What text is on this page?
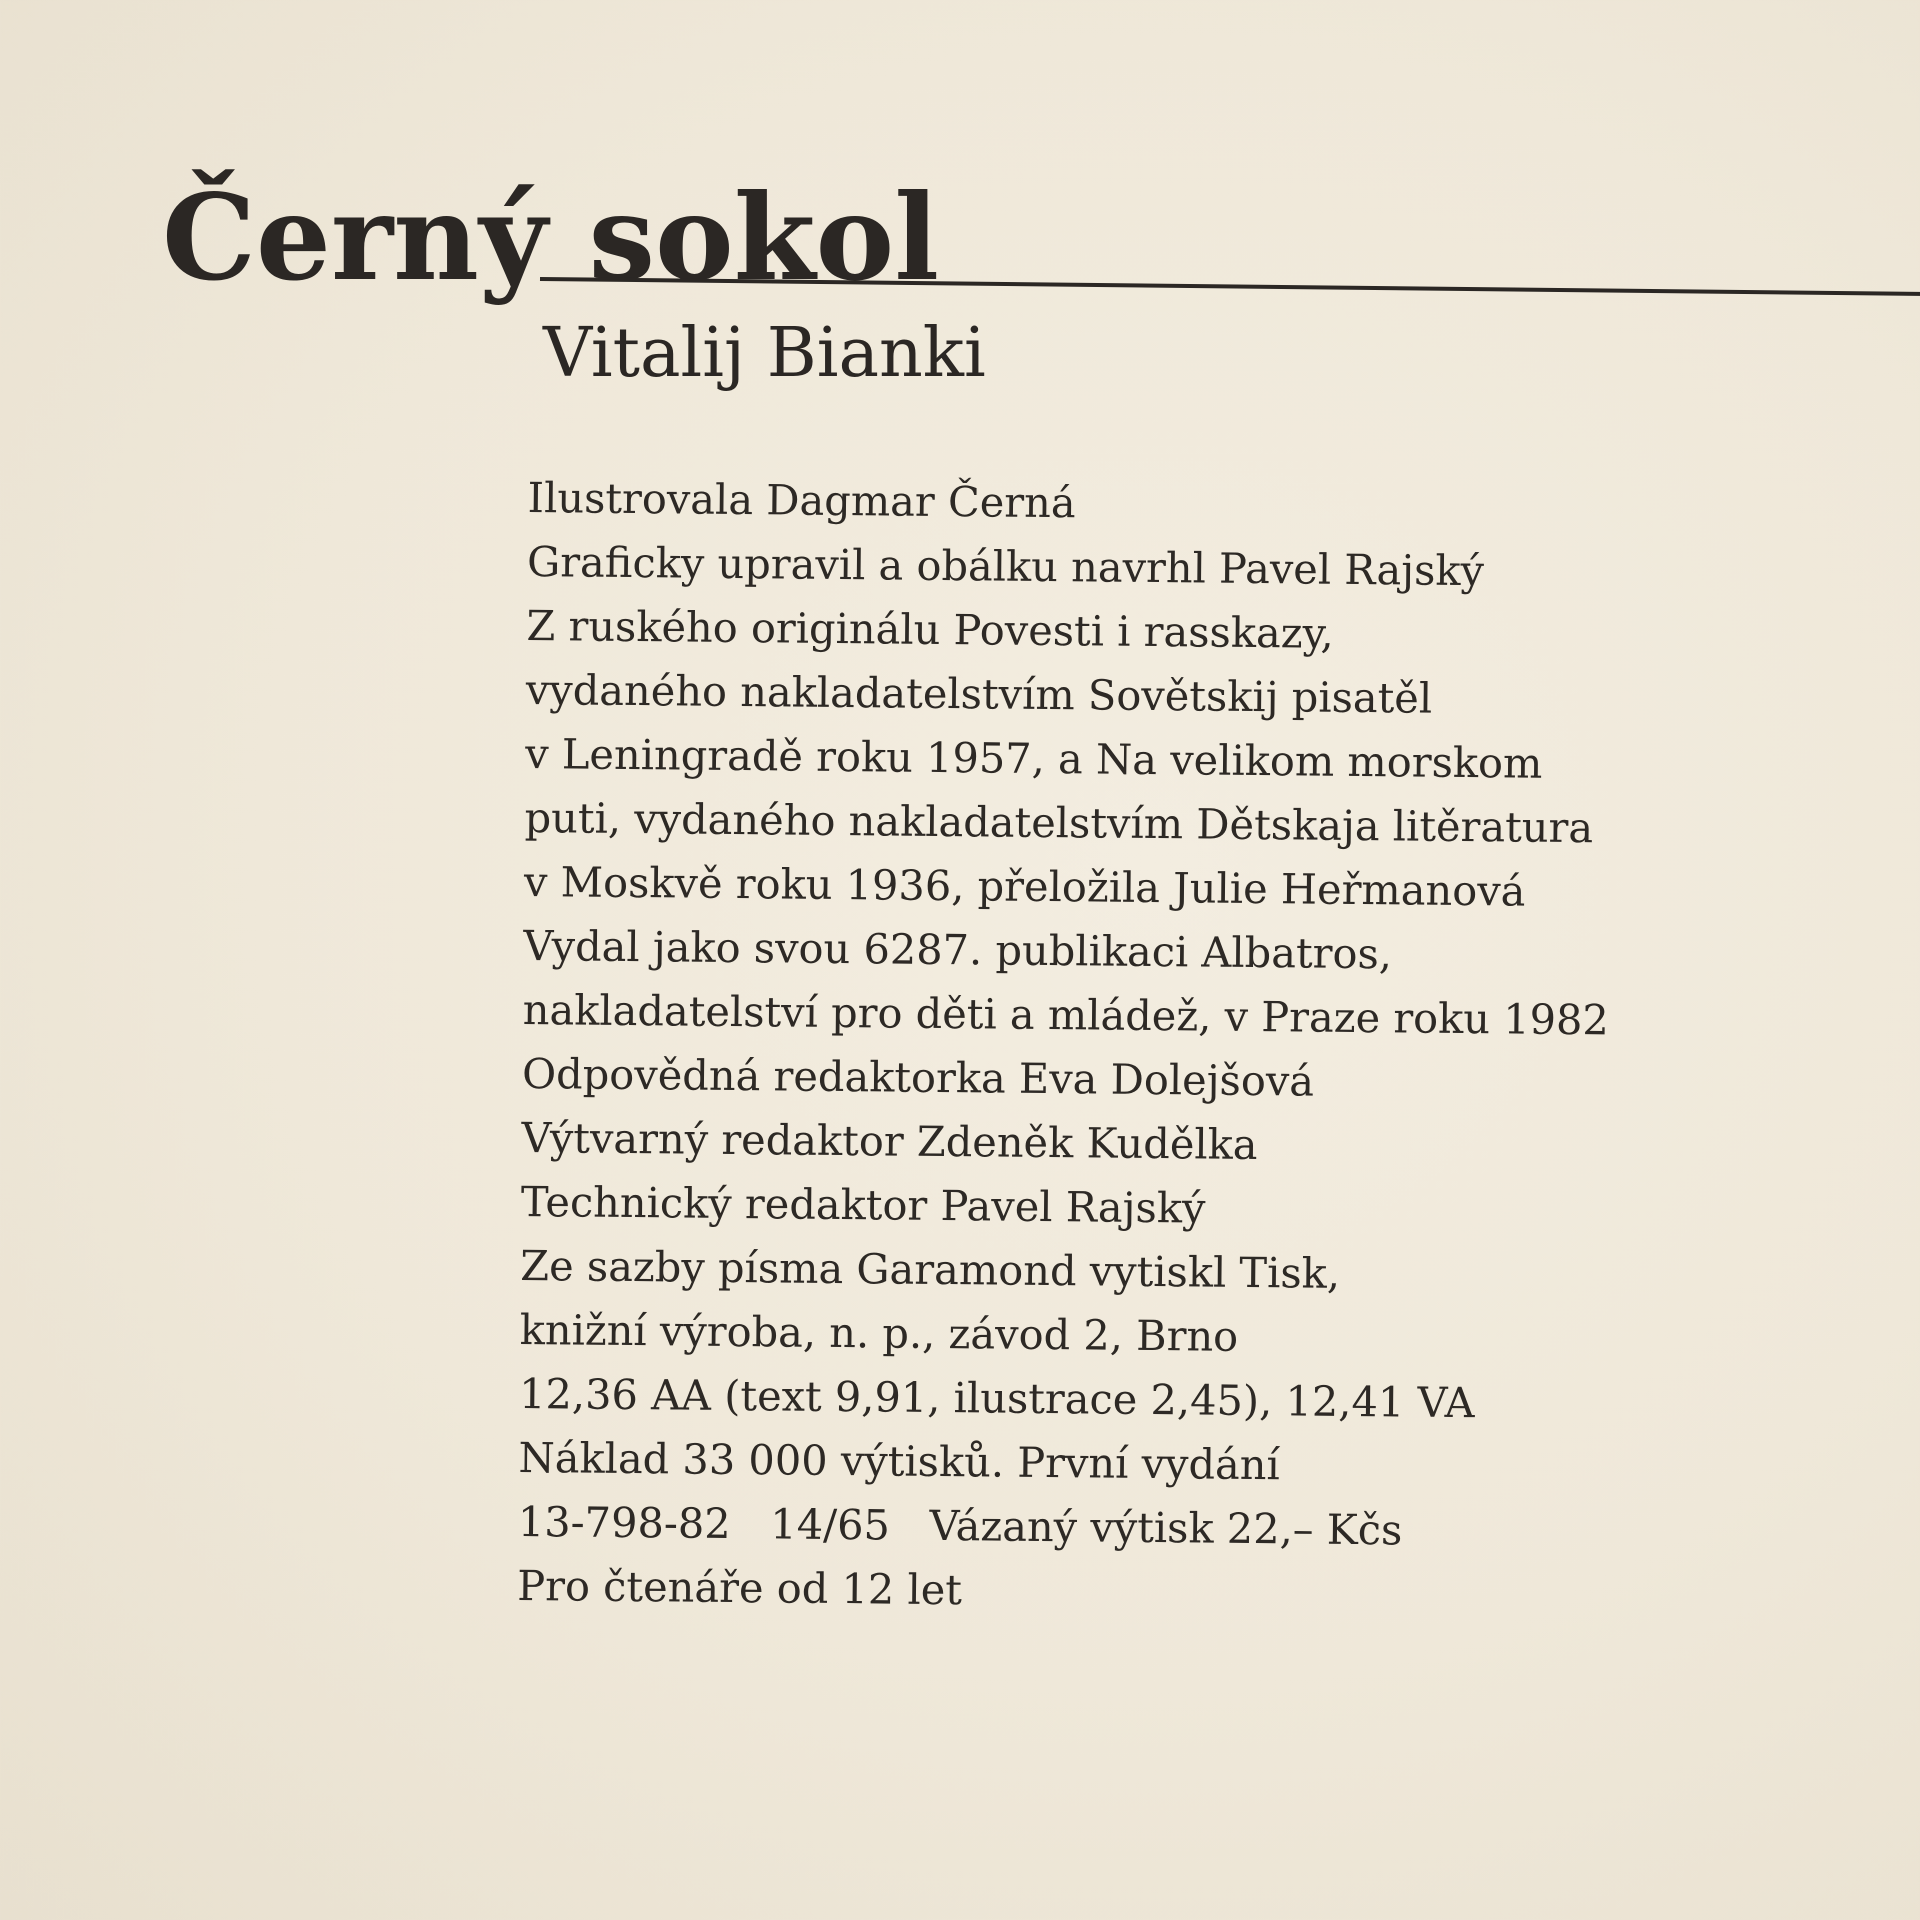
Černý sokol
Vitalij Bianki
Ilustrovala Dagmar Černá
Graficky upravil a obálku navrhl Pavel Rajský
Z ruského originálu Povesti i rasskazy,
vydaného nakladatelstvím Sovětskij pisatěl
v Leningradě roku 1957, a Na velikom morskom
puti, vydaného nakladatelstvím Dětskaja litěratura
v Moskvě roku 1936, přeložila Julie Heřmanová
Vydal jako svou 6287. publikaci Albatros,
nakladatelství pro děti a mládež, v Praze roku 1982
Odpovědná redaktorka Eva Dolejšová
Výtvarný redaktor Zdeněk Kudělka
Technický redaktor Pavel Rajský
Ze sazby písma Garamond vytiskl Tisk,
knižní výroba, n. p., závod 2, Brno
12,36 AA (text 9,91, ilustrace 2,45), 12,41 VA
Náklad 33 000 výtisků. První vydání
13-798-82   14/65   Vázaný výtisk 22,– Kčs
Pro čtenáře od 12 let
